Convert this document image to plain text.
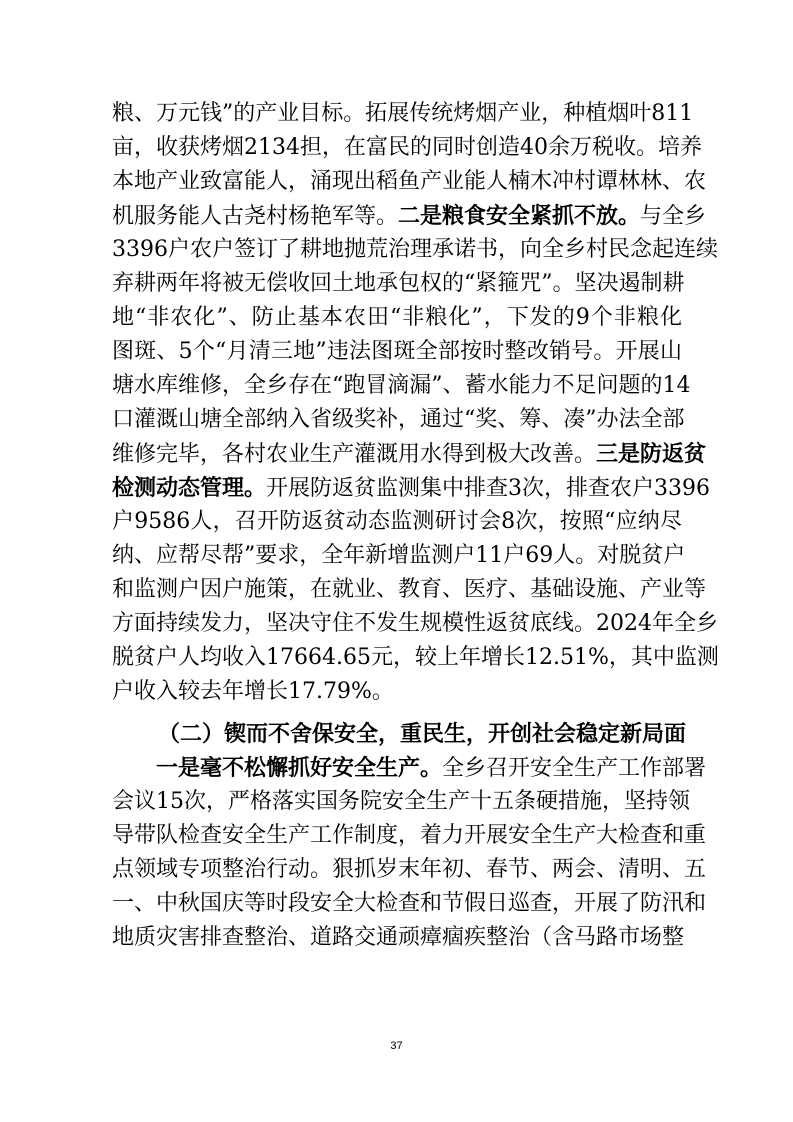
粮、万元钱”的产业目标。拓展传统烤烟产业，种植烟叶811
亩，收获烤烟2134担，在富民的同时创造40余万税收。培养
本地产业致富能人，涌现出稻鱼产业能人楠木冲村谭林林、农
机服务能人古尧村杨艳军等。二是粮食安全紧抓不放。与全乡
3396户农户签订了耕地抛荒治理承诺书，向全乡村民念起连续
弃耕两年将被无偿收回土地承包权的“紧箍咒”。坚决遏制耕
地“非农化”、防止基本农田“非粮化”，下发的9个非粮化
图斑、5个“月清三地”违法图斑全部按时整改销号。开展山
塘水库维修，全乡存在“跑冒滴漏”、蓄水能力不足问题的14
口灌溉山塘全部纳入省级奖补，通过“奖、筹、凑”办法全部
维修完毕，各村农业生产灌溉用水得到极大改善。三是防返贫
检测动态管理。开展防返贫监测集中排查3次，排查农户3396
户9586人，召开防返贫动态监测研讨会8次，按照“应纳尽
纳、应帮尽帮”要求，全年新增监测户11户69人。对脱贫户
和监测户因户施策，在就业、教育、医疗、基础设施、产业等
方面持续发力，坚决守住不发生规模性返贫底线。2024年全乡
脱贫户人均收入17664.65元，较上年增长12.51%，其中监测
户收入较去年增长17.79%。
（二）锲而不舍保安全，重民生，开创社会稳定新局面
一是毫不松懈抓好安全生产。全乡召开安全生产工作部署
会议15次，严格落实国务院安全生产十五条硬措施，坚持领
导带队检查安全生产工作制度，着力开展安全生产大检查和重
点领域专项整治行动。狠抓岁末年初、春节、两会、清明、五
一、中秋国庆等时段安全大检查和节假日巡查，开展了防汛和
地质灾害排查整治、道路交通顽瘴痼疾整治（含马路市场整
37
